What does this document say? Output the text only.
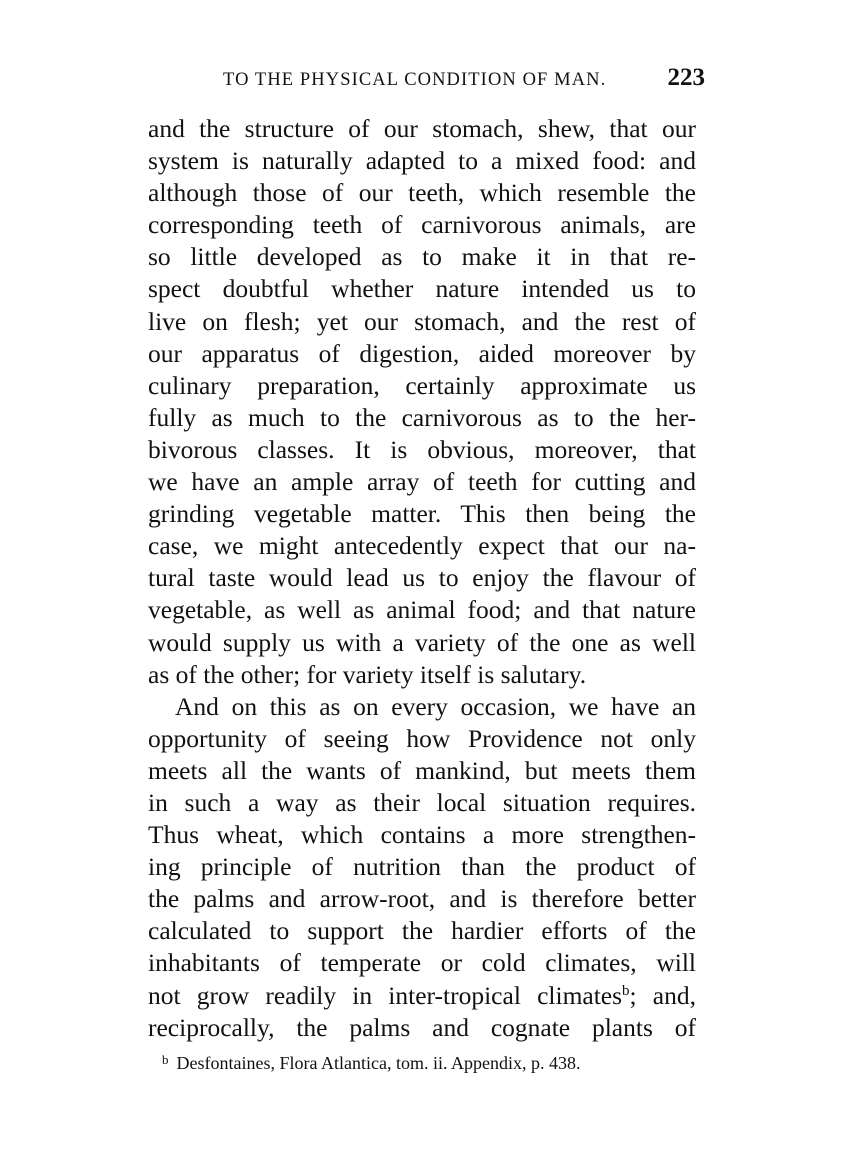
TO THE PHYSICAL CONDITION OF MAN. 223
and the structure of our stomach, shew, that our
system is naturally adapted to a mixed food: and
although those of our teeth, which resemble the
corresponding teeth of carnivorous animals, are
so little developed as to make it in that re-
spect doubtful whether nature intended us to
live on flesh; yet our stomach, and the rest of
our apparatus of digestion, aided moreover by
culinary preparation, certainly approximate us
fully as much to the carnivorous as to the her-
bivorous classes. It is obvious, moreover, that
we have an ample array of teeth for cutting and
grinding vegetable matter. This then being the
case, we might antecedently expect that our na-
tural taste would lead us to enjoy the flavour of
vegetable, as well as animal food; and that nature
would supply us with a variety of the one as well
as of the other; for variety itself is salutary.
And on this as on every occasion, we have an
opportunity of seeing how Providence not only
meets all the wants of mankind, but meets them
in such a way as their local situation requires.
Thus wheat, which contains a more strengthen-
ing principle of nutrition than the product of
the palms and arrow-root, and is therefore better
calculated to support the hardier efforts of the
inhabitants of temperate or cold climates, will
not grow readily in inter-tropical climates$^b$; and,
reciprocally, the palms and cognate plants of
$^b$ Desfontaines, Flora Atlantica, tom. ii. Appendix, p. 438.
